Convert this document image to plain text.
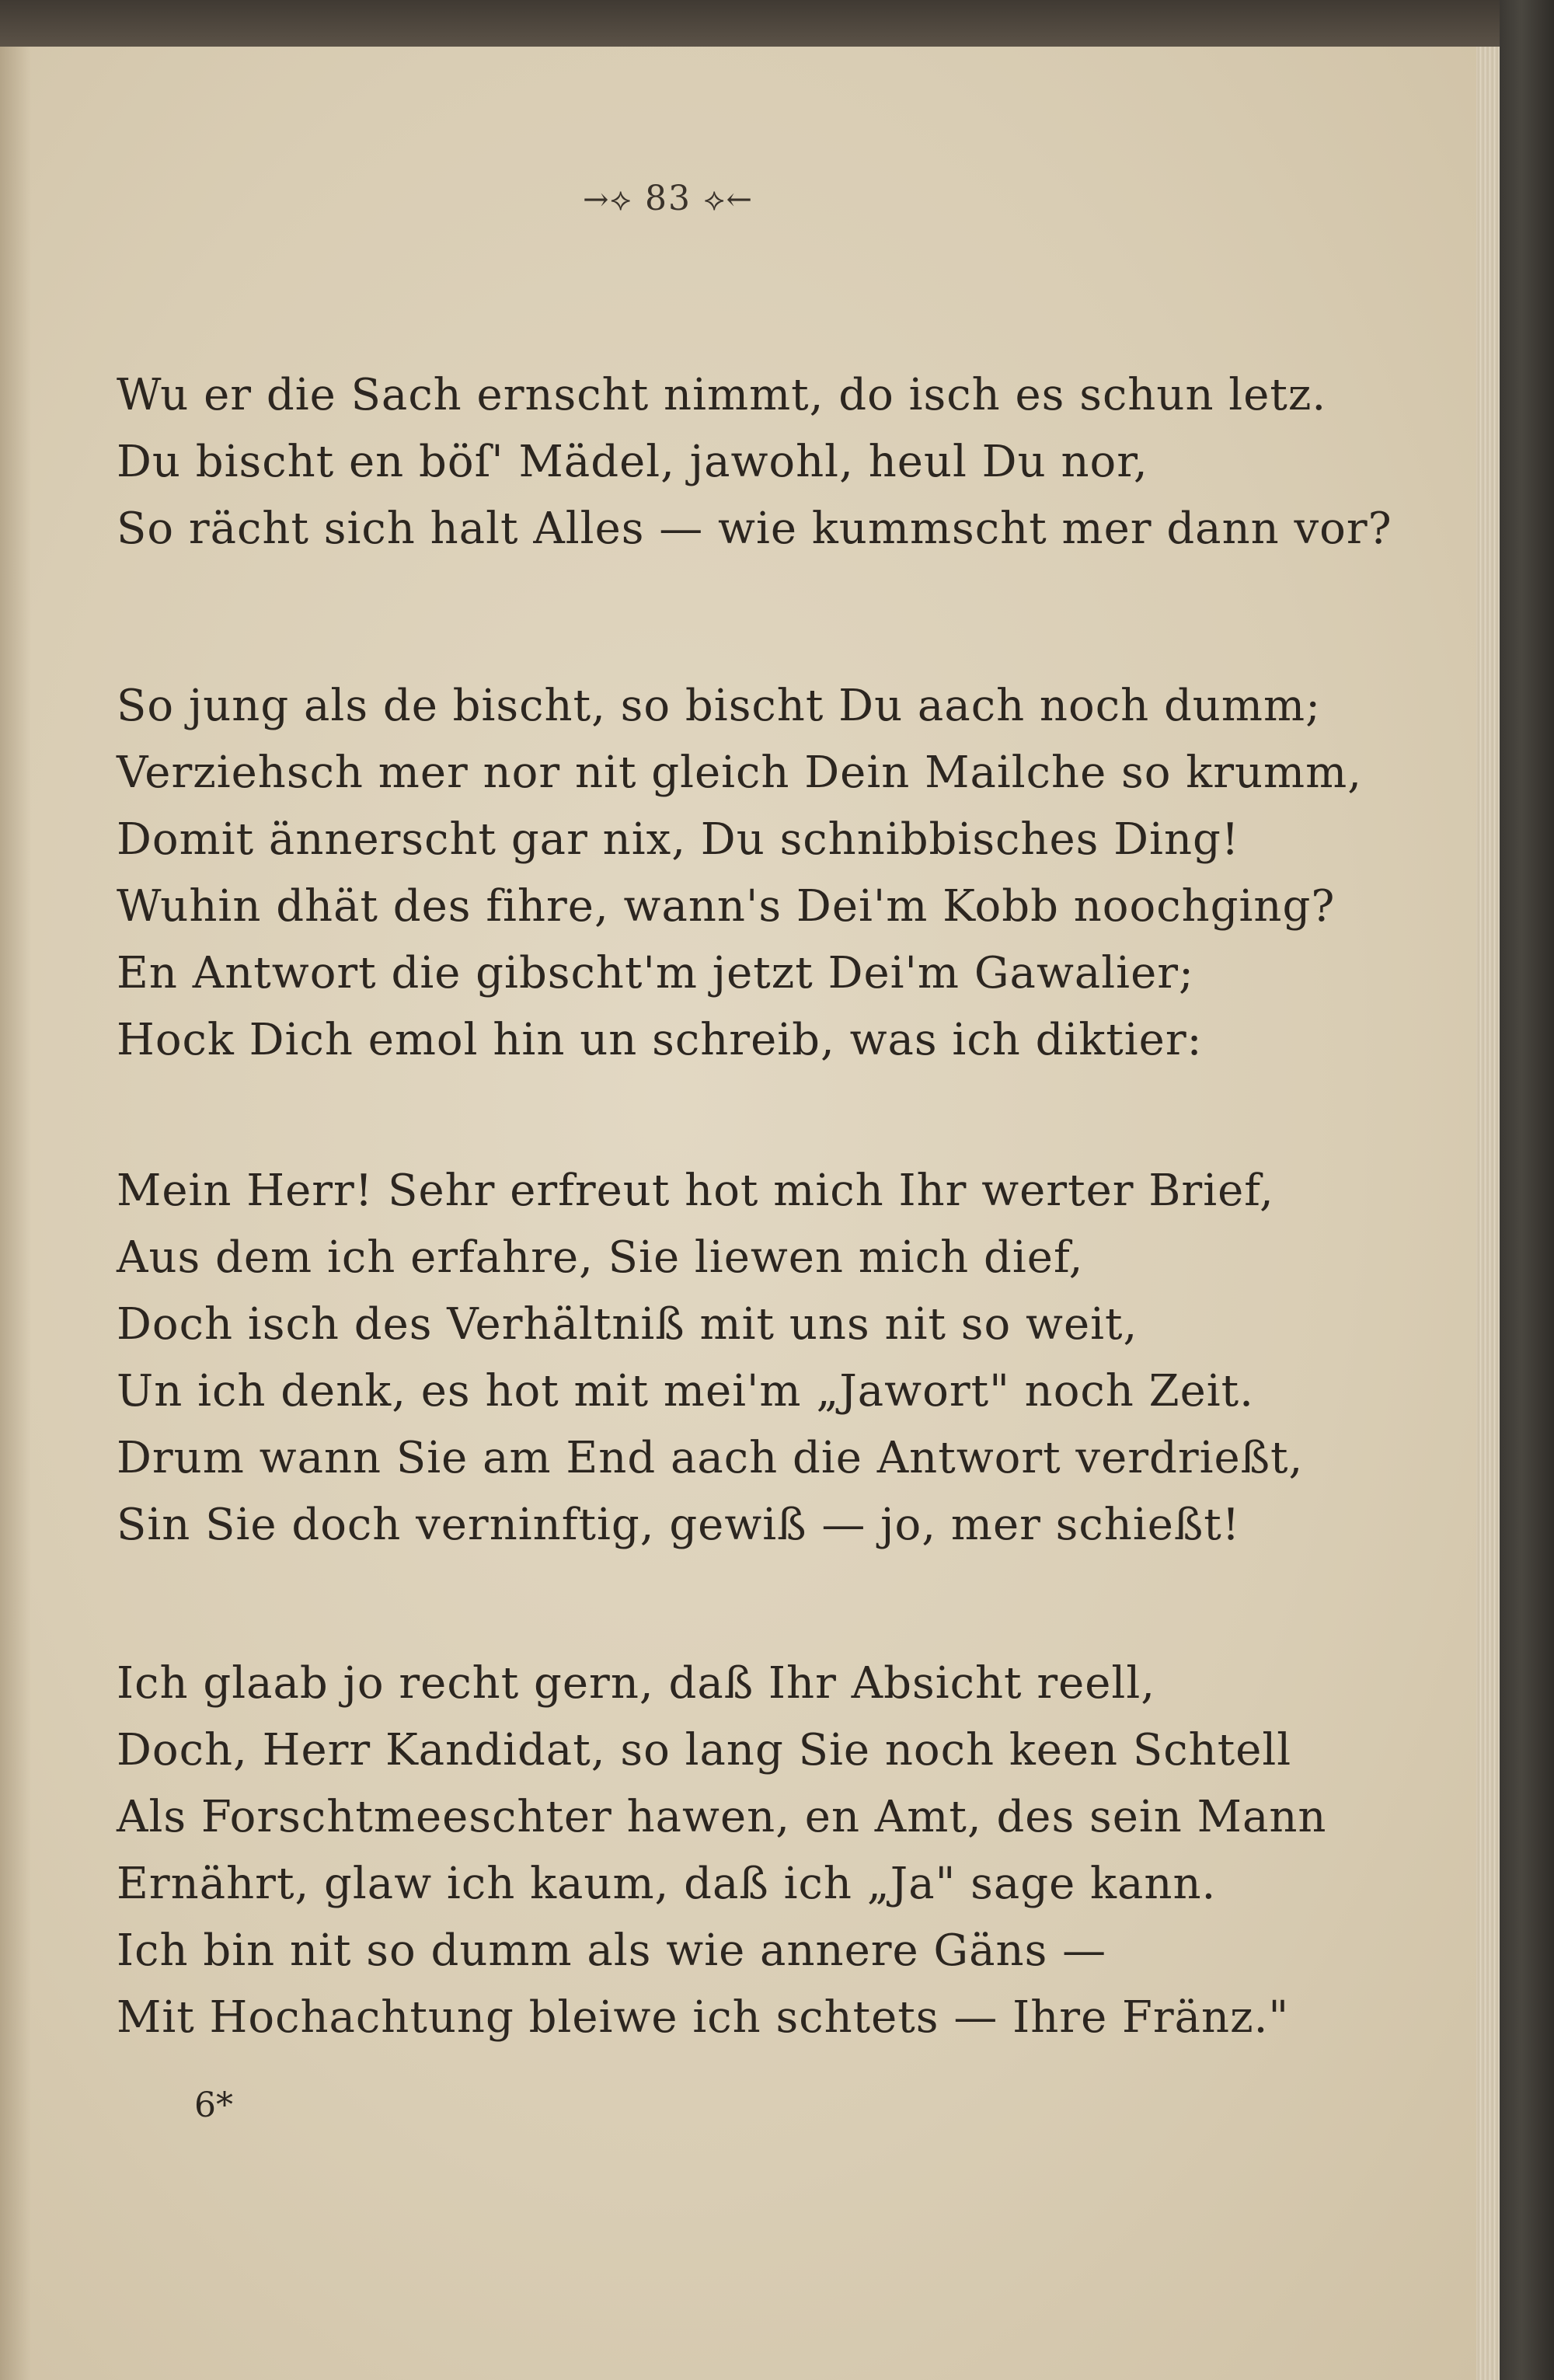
→⟡ 83 ⟡←
Wu er die Sach ernscht nimmt, do isch es schun letz.
Du bischt en böſ' Mädel, jawohl, heul Du nor,
So rächt sich halt Alles — wie kummscht mer dann vor?
So jung als de bischt, so bischt Du aach noch dumm;
Verziehsch mer nor nit gleich Dein Mailche so krumm,
Domit ännerscht gar nix, Du schnibbisches Ding!
Wuhin dhät des fihre, wann's Dei'm Kobb noochging?
En Antwort die gibscht'm jetzt Dei'm Gawalier;
Hock Dich emol hin un schreib, was ich diktier:
Mein Herr! Sehr erfreut hot mich Ihr werter Brief,
Aus dem ich erfahre, Sie liewen mich dief,
Doch isch des Verhältniß mit uns nit so weit,
Un ich denk, es hot mit mei'm „Jawort" noch Zeit.
Drum wann Sie am End aach die Antwort verdrießt,
Sin Sie doch verninftig, gewiß — jo, mer schießt!
Ich glaab jo recht gern, daß Ihr Absicht reell,
Doch, Herr Kandidat, so lang Sie noch keen Schtell
Als Forschtmeeschter hawen, en Amt, des sein Mann
Ernährt, glaw ich kaum, daß ich „Ja" sage kann.
Ich bin nit so dumm als wie annere Gäns —
Mit Hochachtung bleiwe ich schtets — Ihre Fränz."
6*
